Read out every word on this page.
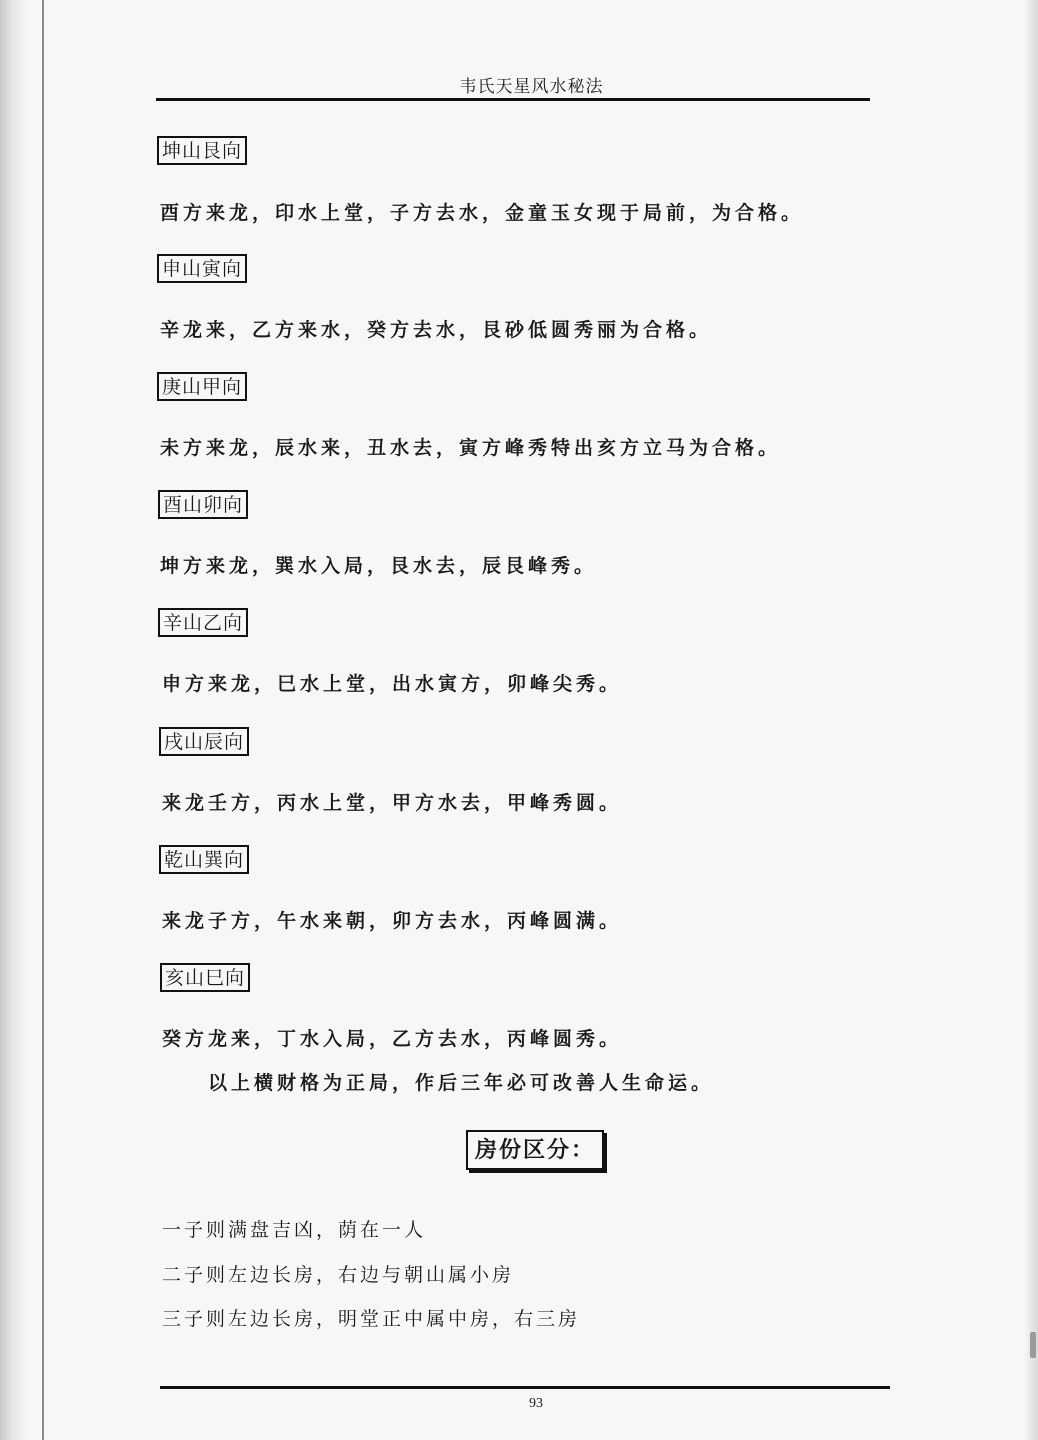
韦氏天星风水秘法
坤山艮向
酉方来龙，印水上堂，子方去水，金童玉女现于局前，为合格。
申山寅向
辛龙来，乙方来水，癸方去水，艮砂低圆秀丽为合格。
庚山甲向
未方来龙，辰水来，丑水去，寅方峰秀特出亥方立马为合格。
酉山卯向
坤方来龙，巽水入局，艮水去，辰艮峰秀。
辛山乙向
申方来龙，巳水上堂，出水寅方，卯峰尖秀。
戌山辰向
来龙壬方，丙水上堂，甲方水去，甲峰秀圆。
乾山巽向
来龙子方，午水来朝，卯方去水，丙峰圆满。
亥山巳向
癸方龙来，丁水入局，乙方去水，丙峰圆秀。
以上横财格为正局，作后三年必可改善人生命运。
房份区分：
一子则满盘吉凶，荫在一人
二子则左边长房，右边与朝山属小房
三子则左边长房，明堂正中属中房，右三房
93
